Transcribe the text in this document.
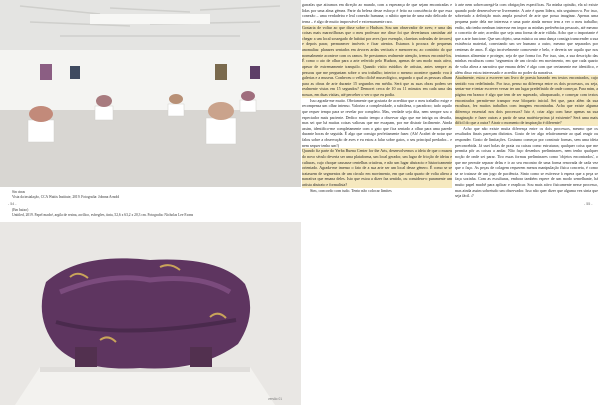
Sin cinas
Vista da instalação, CCA Wattis Institute, 2019. Fotografia: Johnna Arnold
(Em baixo)
Untitled, 2019. Papel maché, argila de resina, acrílico, esfregões, tinta, 52,6 x 63,2 x 20,3 cm. Fotografia: Nicholas Lee Evans
versão 01
- 54 -	- 55 -

garrafas que atiramos em direção ao mundo, com a esperança de que sejam encontradas e lidas por uma alma gémea. Parte da beleza desse esforço é feito na consciência de que essa conexão – uma verdadeira e leal conexão humana; o súbito apertar de uma mão delicado de terna – é algo de muito improvável e extremamente raro.

Gostaria de voltar ao que disse sobre o Hudson. Sou um observador de aves; e uma das coisas mais maravilhosas que o meu professor me disse foi que deveríamos caminhar até chegar a um local sossegado de habitat por aves (por exemplo, clareiras rodeadas de árvores) e depois parar, permanecer imóveis e ficar atentos. Estamos à procura de pequenas anomalias: planares sentados em árvores ardas verticais e menores-as; ao contrário do que normalmente acontece com os ramos. Se prestarmos realmente atenção, iremos encontrá-los. É como o ato de olhar para a arte referido pelo Hudson, apenas de um modo mais ativo, apesar de extremamente tranquilo. Quando visito estúdios de artistas, antes sempre as pessoas que me perguntam sobre o seu trabalho; interior o mesmo acontece quando vou à galerias e a museus. Conheceu o velho clichê museológico, segundo o qual as pessoas olham para as obras de arte durante 15 segundos em média. Será que as suas obras podem ser realmente vistas em 15 segundos? Demorei cerca de 10 ou 11 minutos em cada uma das nossas, em duas visitas, até perceber o ver o que eu podia.

Isso agrada-me muito. Obviamente que gostaria de acreditar que o meu trabalho exige e recompensa um olhar intenso. Valorizo a complexidade, a subtileza, o paradoxo; tudo aquilo que requer tempo para se revelar por completo. Mas, verdade seja dita, nem sempre sou o espectador mais paciente. Dedico muito tempo a observar algo que me intriga ou desafia, mas sei que há muitas coisas valiosas que me escapam, por me distrair facilmente. Ainda assim, identifico-me completamente com o gato que fica sentado a olhar para uma parede durante horas de seguida. É algo que consigo perfeitamente fazer. (Ah! Acabei de notar que falou sobre a observação de aves e eu estou a falar sobre gatos, o seu principal predador... e nem sequer tenho um!)

Quando fiz parte do Yerba Buena Center for the Arts, desenvolvemos a ideia de que o museu do novo século deveria ser uma plataforma, um local gerador, um lugar de fricção de ideias e culturas, cujo choque causasse centelhas criativas, e não um lugar abstracto e historicamente orientado. Agrada-me imenso o fato de a sua arte ser um local desse género. É como se se tratassem de segmentos de um círculo em movimento, em que cada quarto de volta altera a narrativa que emana deles. Isto que estou a dizer faz sentido, ou considera-o puramente um artista abstrato e formalista?

Sim, concordo com tudo. Tento não colocar limites

à arte nem sobrecarregá-la com obrigações específicas. Na minha opinião, ela só existe quando pode desenvolver-se livremente. A arte é quem lidera, nós seguimos-a. Por isso, sobretudo a definição mais ampla possível de arte que possa imaginar. Apenas uma pequena parte dela me interessa e uma parte ainda menor tem a ver o meu trabalho; então, não tenho nenhum interesse em impor as minhas preferências pessoais, até mesmo o conceito de arte; acredito que seja uma forma de arte válida. Acho que o importante é que a arte funcione. Que um objeto, uma música ou uma dança consiga transcender a sua existência material, conectando um ser humano a outro, mesmo que separados por centenas de anos. É algo incrivelmente comovente e belo, e deveria ser aquilo que nos tentamos alimentar e proteger, seja de que forma for. Por isso, sim, a sua descrição das minhas esculturas como 'segmentos de um círculo em movimento, em que cada quarto de volta altera a narrativa que emana deles' é algo com que certamente me identifico, e além disso estou interessado e acredito no poder da narrativa.

Atualmente, estou a escrever um livro de poesia baseado em textos encontrados, cujo sentido vou redefinindo. Por isso, penso na diferença entre os dois processos, ou seja, sentar-me e tentar escrever versar ter um lugar predefinido de onde começar. Para mim, a página em branco é algo que tem de ser superado, ultrapassado, e começar com textos encontrados permite-me transpor esse bloqueio inicial. Sei que, para além da sua escultura, fez muitos trabalhos com imagens encontradas. Acha que existe alguma diferença essencial nos dois processos? Isto é, criar algo com base apenas na sua imaginação e fazer outras a partir de uma matéria-prima já existente? Será uma mais difícil do que a outra? Atrair o momento de inspiração é diferente?

Acho que não existe muita diferença entre os dois processos, mesmo que os resultados finais pareçam distintos. Gosto de ter algo relativamente ao qual reagir ou responder. Gosto de limitações. Costumo começar por construir formas, sem uma ideia preconcebida. Já usei bolas de praia ou caixas como estruturas; qualquer coisa que me permita pôr as coisas a andar. Não faço desenhos preliminares, nem tenho qualquer noção de onde sei parar. Tiro essas formas preliminares como 'objetos encontrados', o que me permite separar delas e ir ao seu encontro de uma forma renovada de cada vez que o faço. As peças de colagem requerem menos manipulação física concreta, é como se se tratasse de um jogo de paciência. Sinto como se estivesse à espera que a peça se faça sozinha. Com as esculturas, embora também espere de um modo semelhante, há muito papel machê para aplicar e reaplicar. Sou mais ativo fisicamente nesse processo, mas ainda assim sobretudo um observador. Isso não quer dizer que alguma vez sinta que seja fácil. //
